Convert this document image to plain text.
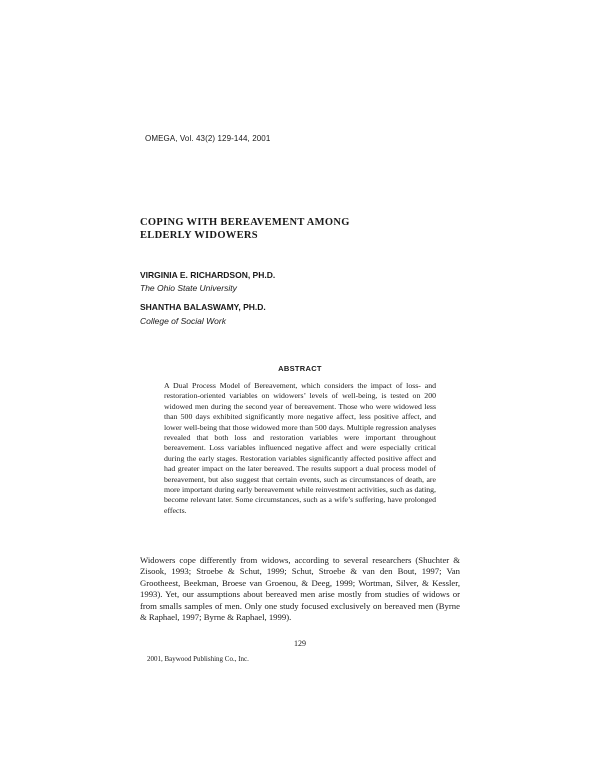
OMEGA, Vol. 43(2) 129-144, 2001
COPING WITH BEREAVEMENT AMONG
ELDERLY WIDOWERS
VIRGINIA E. RICHARDSON, PH.D.
The Ohio State University
SHANTHA BALASWAMY, PH.D.
College of Social Work
ABSTRACT
A Dual Process Model of Bereavement, which considers the impact of loss- and restoration-oriented variables on widowers’ levels of well-being, is tested on 200 widowed men during the second year of bereavement. Those who were widowed less than 500 days exhibited significantly more negative affect, less positive affect, and lower well-being that those widowed more than 500 days. Multiple regression analyses revealed that both loss and restoration variables were important throughout bereavement. Loss variables influenced negative affect and were especially critical during the early stages. Restoration variables significantly affected positive affect and had greater impact on the later bereaved. The results support a dual process model of bereavement, but also suggest that certain events, such as circumstances of death, are more important during early bereavement while reinvestment activities, such as dating, become relevant later. Some circumstances, such as a wife’s suffering, have prolonged effects.
Widowers cope differently from widows, according to several researchers (Shuchter & Zisook, 1993; Stroebe & Schut, 1999; Schut, Stroebe & van den Bout, 1997; Van Grootheest, Beekman, Broese van Groenou, & Deeg, 1999; Wortman, Silver, & Kessler, 1993). Yet, our assumptions about bereaved men arise mostly from studies of widows or from smalls samples of men. Only one study focused exclusively on bereaved men (Byrne & Raphael, 1997; Byrne & Raphael, 1999).
129
2001, Baywood Publishing Co., Inc.
